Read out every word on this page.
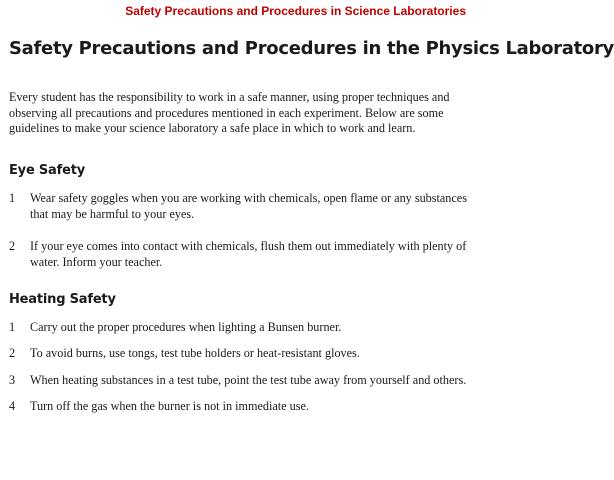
Safety Precautions and Procedures in Science Laboratories
Safety Precautions and Procedures in the Physics Laboratory

Every student has the responsibility to work in a safe manner, using proper techniques and observing all precautions and procedures mentioned in each experiment. Below are some guidelines to make your science laboratory a safe place in which to work and learn.

Eye Safety
1	Wear safety goggles when you are working with chemicals, open flame or any substances that may be harmful to your eyes.
2	If your eye comes into contact with chemicals, flush them out immediately with plenty of water. Inform your teacher.
Heating Safety
1	Carry out the proper procedures when lighting a Bunsen burner.
2	To avoid burns, use tongs, test tube holders or heat-resistant gloves.
3	When heating substances in a test tube, point the test tube away from yourself and others.
4	Turn off the gas when the burner is not in immediate use.
